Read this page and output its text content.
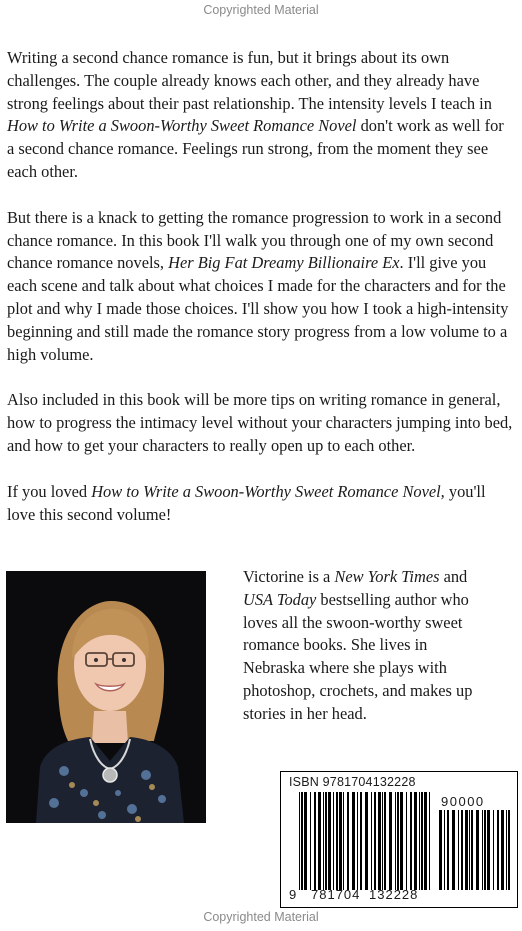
Copyrighted Material

Writing a second chance romance is fun, but it brings about its own challenges. The couple already knows each other, and they already have strong feelings about their past relationship. The intensity levels I teach in How to Write a Swoon-Worthy Sweet Romance Novel don't work as well for a second chance romance. Feelings run strong, from the moment they see each other.

But there is a knack to getting the romance progression to work in a second chance romance. In this book I'll walk you through one of my own second chance romance novels, Her Big Fat Dreamy Billionaire Ex. I'll give you each scene and talk about what choices I made for the characters and for the plot and why I made those choices. I'll show you how I took a high-intensity beginning and still made the romance story progress from a low volume to a high volume.

Also included in this book will be more tips on writing romance in general, how to progress the intimacy level without your characters jumping into bed, and how to get your characters to really open up to each other.

If you loved How to Write a Swoon-Worthy Sweet Romance Novel, you'll love this second volume!

Victorine is a New York Times and USA Today bestselling author who loves all the swoon-worthy sweet romance books. She lives in Nebraska where she plays with photoshop, crochets, and makes up stories in her head.
ISBN 9781704132228
90000
9 781704 132228
Copyrighted Material
